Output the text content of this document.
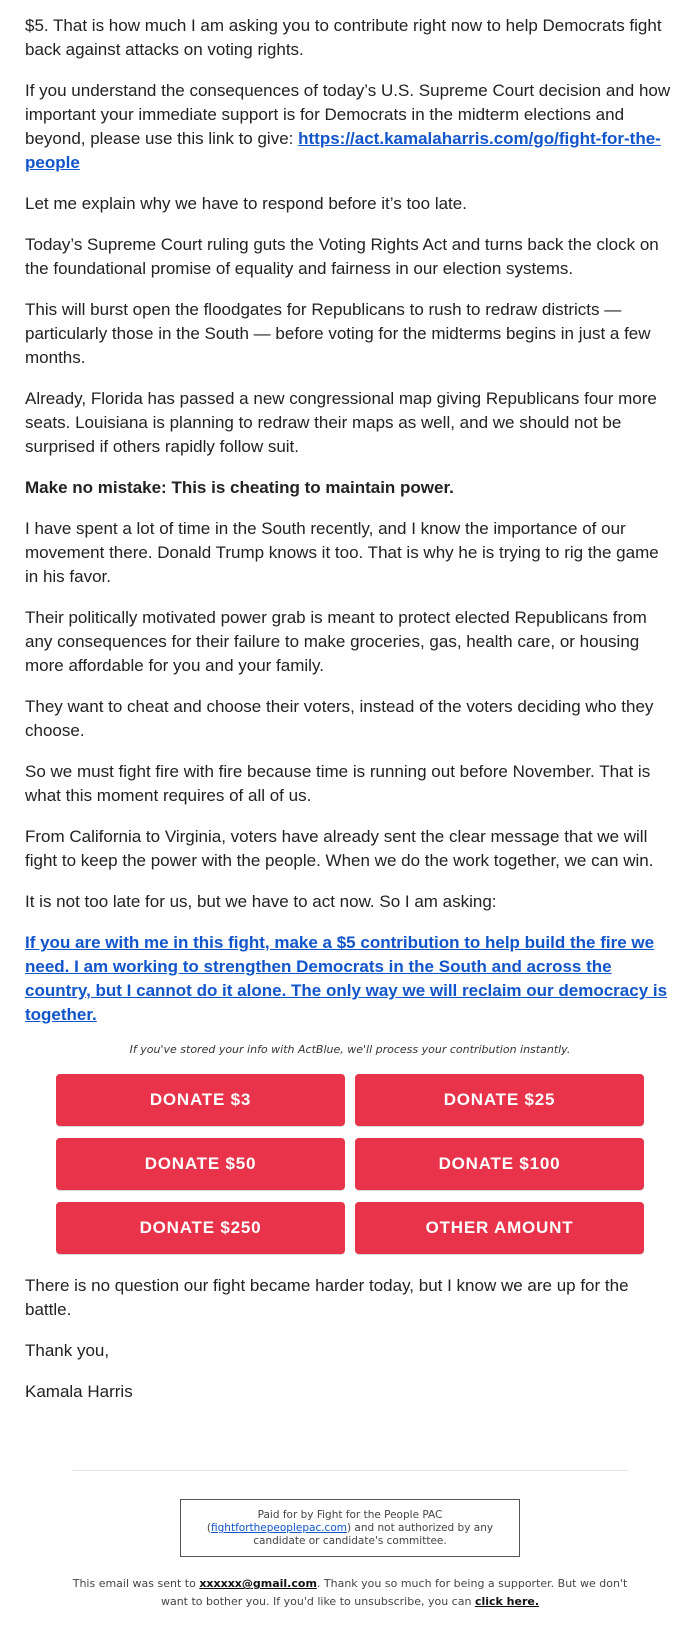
$5. That is how much I am asking you to contribute right now to help Democrats fight back against attacks on voting rights.

If you understand the consequences of today’s U.S. Supreme Court decision and how important your immediate support is for Democrats in the midterm elections and beyond, please use this link to give: https://act.kamalaharris.com/go/fight-for-the-people

Let me explain why we have to respond before it’s too late.

Today’s Supreme Court ruling guts the Voting Rights Act and turns back the clock on the foundational promise of equality and fairness in our election systems.

This will burst open the floodgates for Republicans to rush to redraw districts — particularly those in the South — before voting for the midterms begins in just a few months.

Already, Florida has passed a new congressional map giving Republicans four more seats. Louisiana is planning to redraw their maps as well, and we should not be surprised if others rapidly follow suit.

Make no mistake: This is cheating to maintain power.

I have spent a lot of time in the South recently, and I know the importance of our movement there. Donald Trump knows it too. That is why he is trying to rig the game in his favor.

Their politically motivated power grab is meant to protect elected Republicans from any consequences for their failure to make groceries, gas, health care, or housing more affordable for you and your family.

They want to cheat and choose their voters, instead of the voters deciding who they choose.

So we must fight fire with fire because time is running out before November. That is what this moment requires of all of us.

From California to Virginia, voters have already sent the clear message that we will fight to keep the power with the people. When we do the work together, we can win.

It is not too late for us, but we have to act now. So I am asking:

If you are with me in this fight, make a $5 contribution to help build the fire we need. I am working to strengthen Democrats in the South and across the country, but I cannot do it alone. The only way we will reclaim our democracy is together.

If you've stored your info with ActBlue, we'll process your contribution instantly.

DONATE $3	DONATE $25
DONATE $50	DONATE $100
DONATE $250	OTHER AMOUNT

There is no question our fight became harder today, but I know we are up for the battle.

Thank you,

Kamala Harris

Paid for by Fight for the People PAC
(fightforthepeoplepac.com) and not authorized by any candidate or candidate's committee.
This email was sent to xxxxxx@gmail.com. Thank you so much for being a supporter. But we don't want to bother you. If you'd like to unsubscribe, you can click here.
